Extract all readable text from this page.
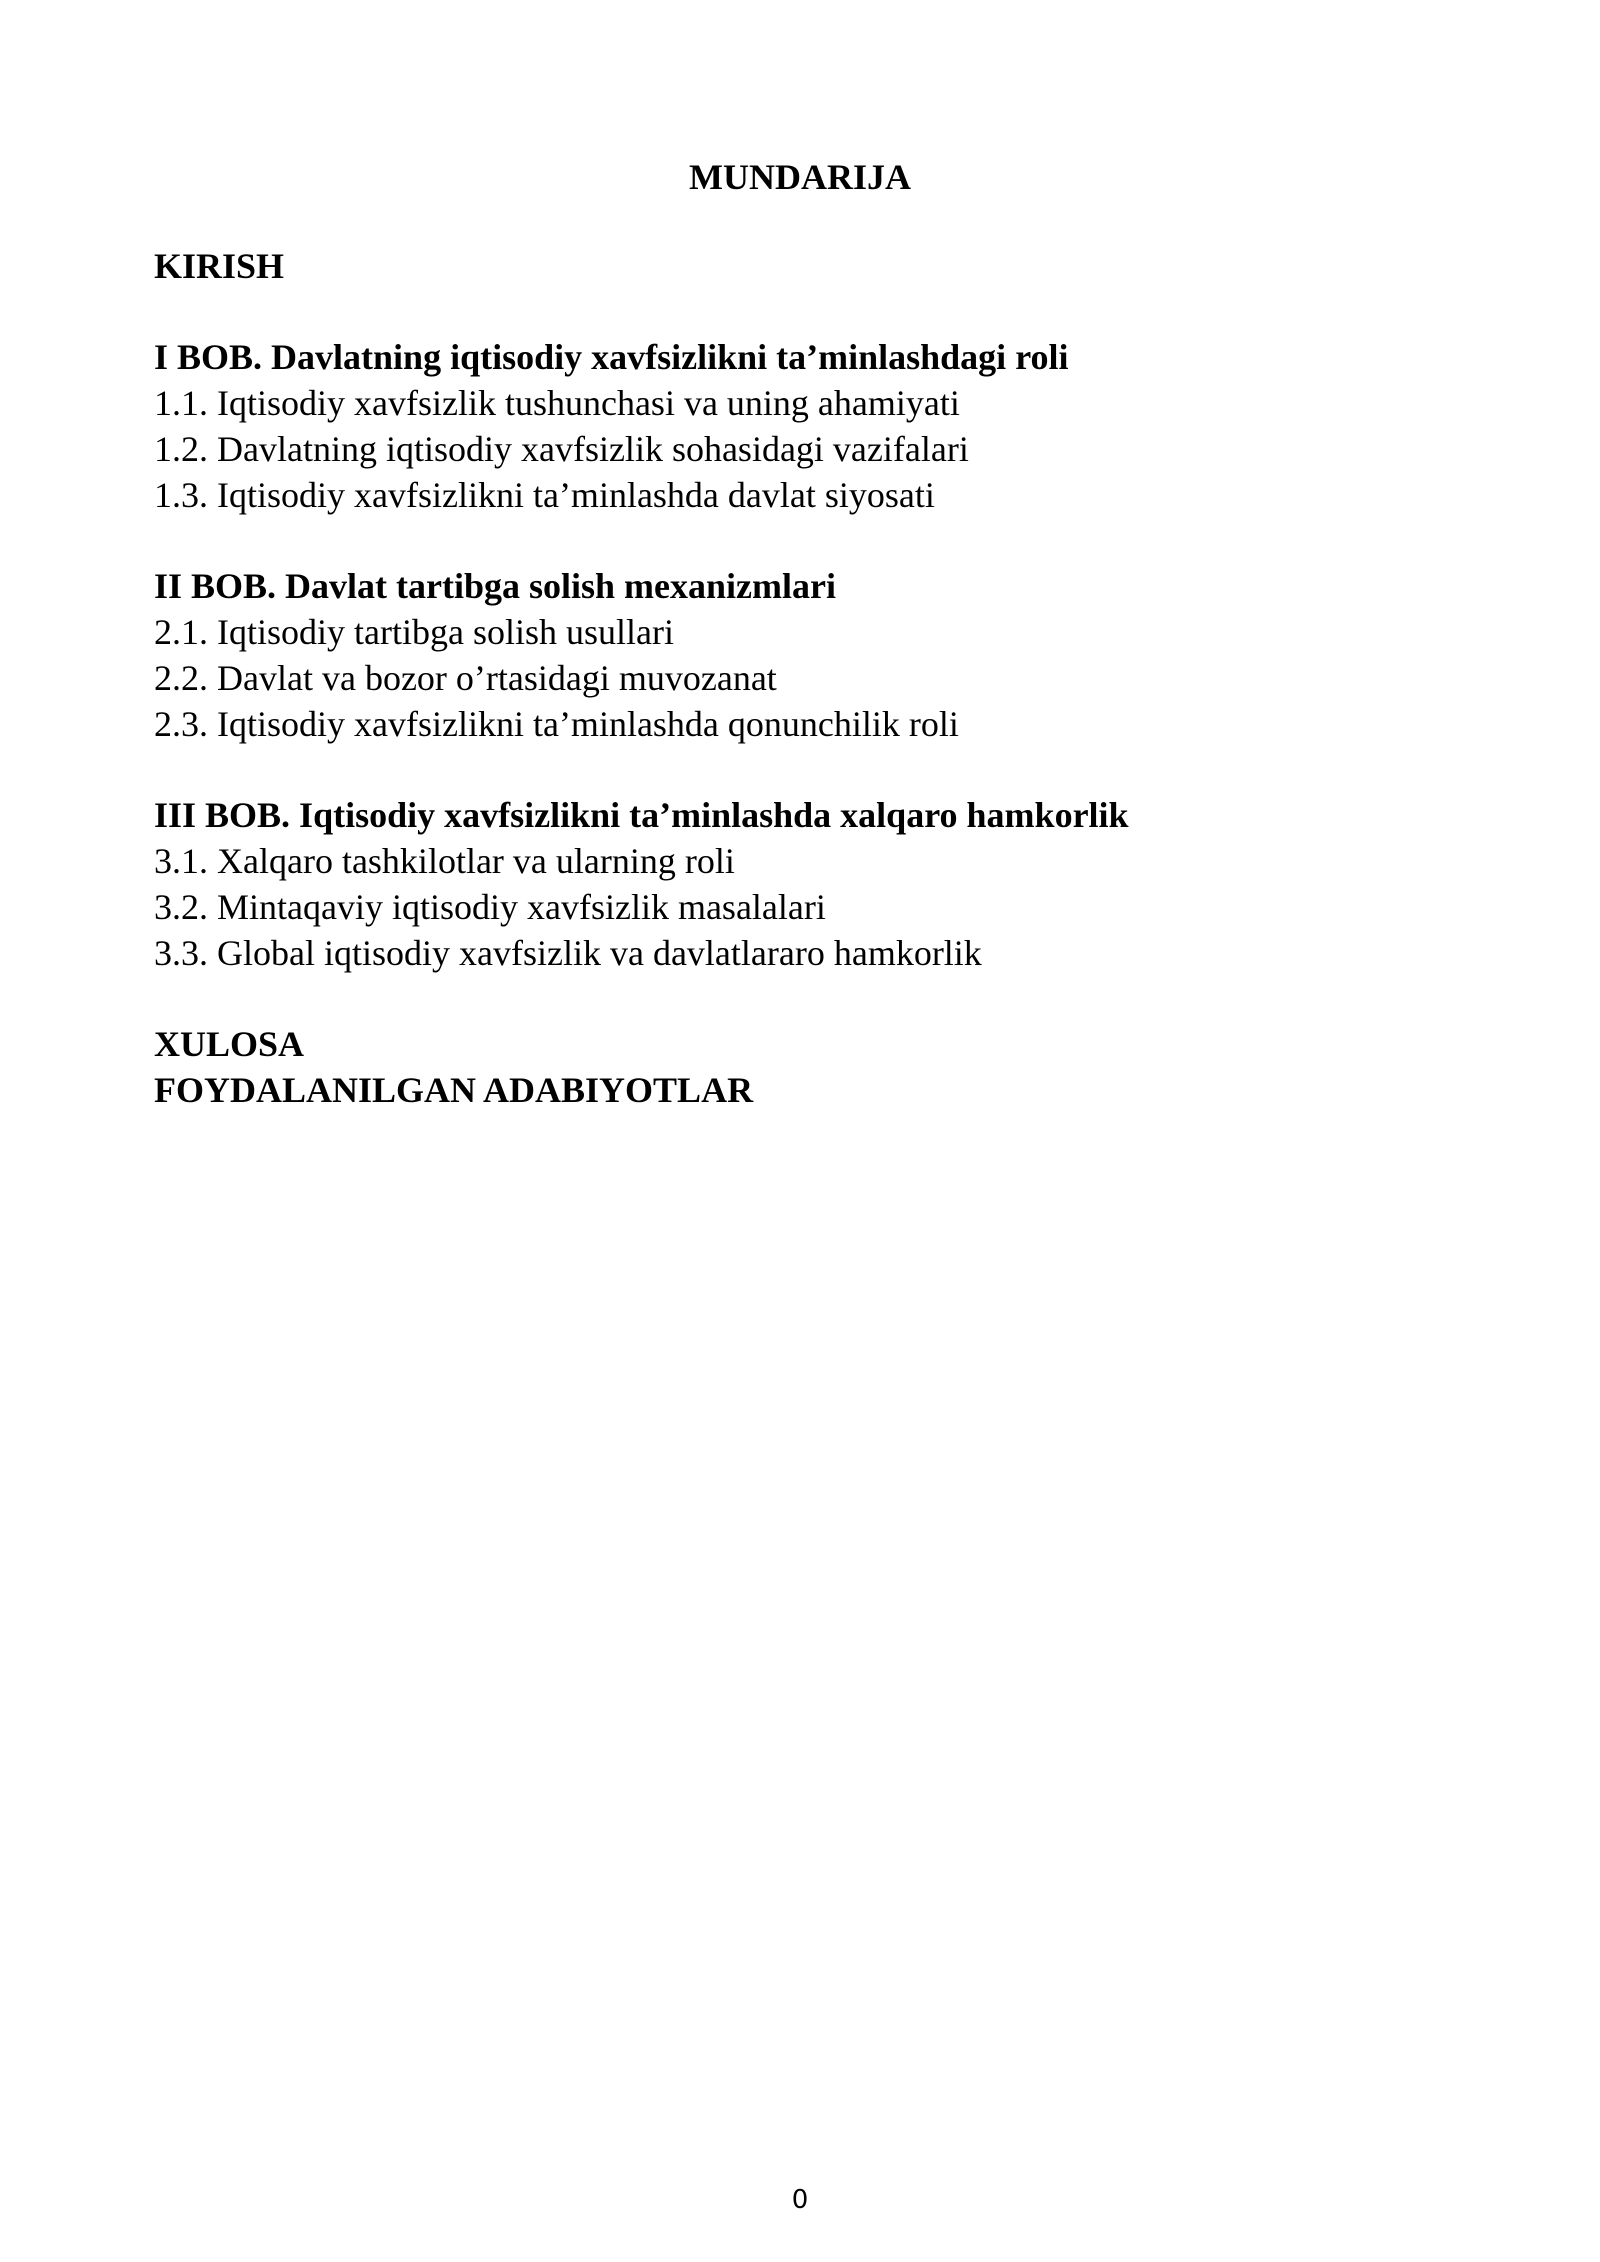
MUNDARIJA
KIRISH
I BOB. Davlatning iqtisodiy xavfsizlikni ta’minlashdagi roli
1.1. Iqtisodiy xavfsizlik tushunchasi va uning ahamiyati
1.2. Davlatning iqtisodiy xavfsizlik sohasidagi vazifalari
1.3. Iqtisodiy xavfsizlikni ta’minlashda davlat siyosati
II BOB. Davlat tartibga solish mexanizmlari
2.1. Iqtisodiy tartibga solish usullari
2.2. Davlat va bozor o’rtasidagi muvozanat
2.3. Iqtisodiy xavfsizlikni ta’minlashda qonunchilik roli
III BOB. Iqtisodiy xavfsizlikni ta’minlashda xalqaro hamkorlik
3.1. Xalqaro tashkilotlar va ularning roli
3.2. Mintaqaviy iqtisodiy xavfsizlik masalalari
3.3. Global iqtisodiy xavfsizlik va davlatlararo hamkorlik
XULOSA
FOYDALANILGAN ADABIYOTLAR
0
